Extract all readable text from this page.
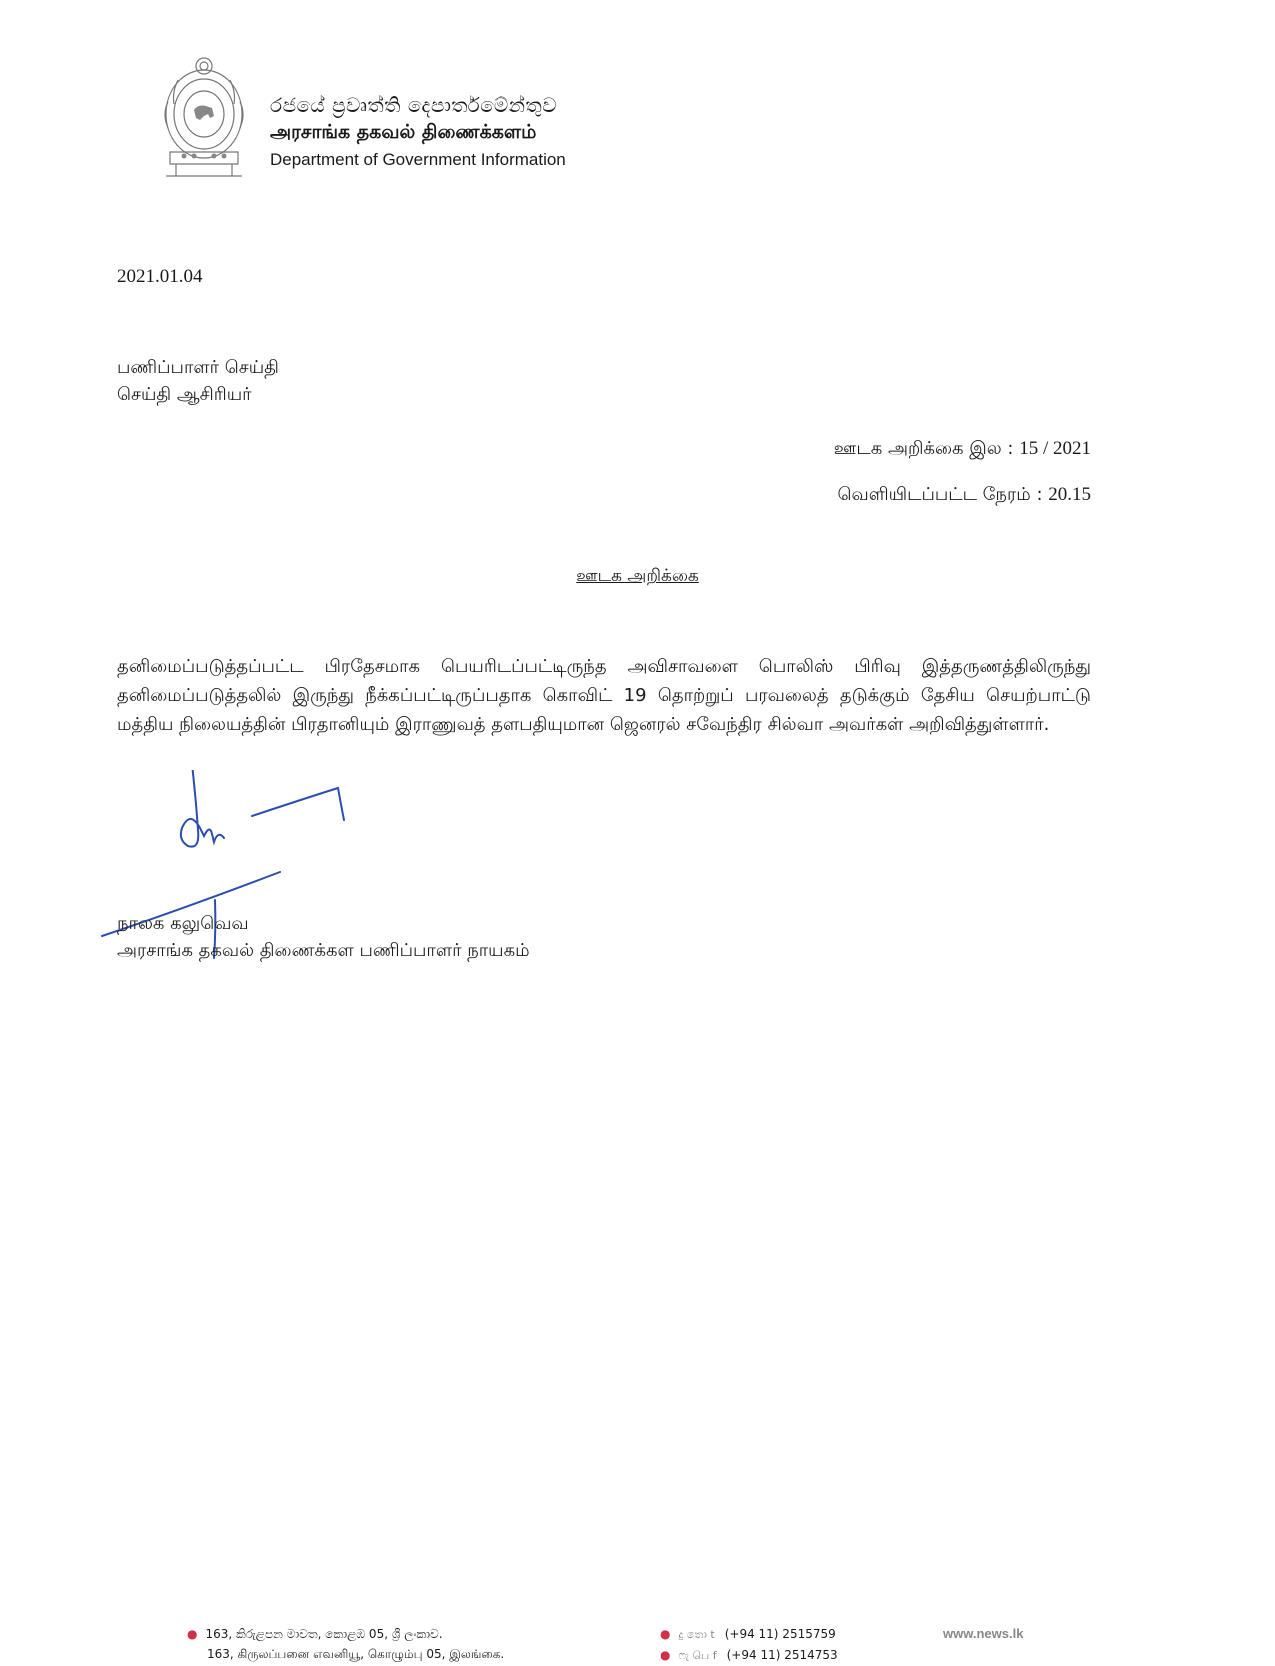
රජයේ ප්‍රවෘත්ති දෙපාර්තමේන්තුව
அரசாங்க தகவல் திணைக்களம்
Department of Government Information
2021.01.04
பணிப்பாளர் செய்தி
செய்தி ஆசிரியர்
ஊடக அறிக்கை இல : 15 / 2021
வெளியிடப்பட்ட நேரம் : 20.15
ஊடக அறிக்கை
தனிமைப்படுத்தப்பட்ட பிரதேசமாக பெயரிடப்பட்டிருந்த அவிசாவளை பொலிஸ் பிரிவு இத்தருணத்திலிருந்து தனிமைப்படுத்தலில் இருந்து நீக்கப்பட்டிருப்பதாக கொவிட் 19 தொற்றுப் பரவலைத் தடுக்கும் தேசிய செயற்பாட்டு மத்திய நிலையத்தின் பிரதானியும் இராணுவத் தளபதியுமான ஜெனரல் சவேந்திர சில்வா அவர்கள் அறிவித்துள்ளார்.
நாலக கலுவெவ
அரசாங்க தகவல் திணைக்கள பணிப்பாளர் நாயகம்
● 163, කිරුළපන මාවත, කොළඹ 05, ශ්‍රී ලංකාව.
163, கிருலப்பனை எவனியூ, கொழும்பு 05, இலங்கை.
● දු තො t (+94 11) 2515759
● ෆැ பெ f (+94 11) 2514753
www.news.lk
